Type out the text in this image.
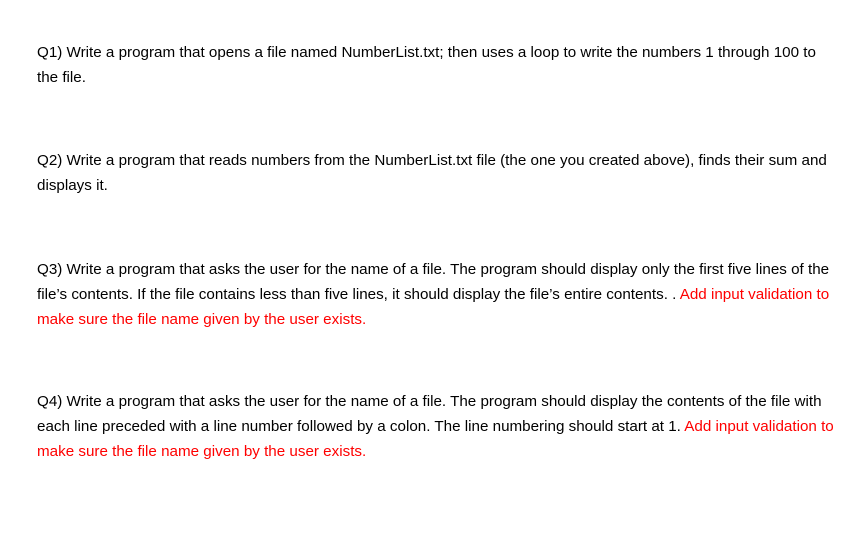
Q1) Write a program that opens a file named NumberList.txt; then uses a loop to write the numbers 1 through 100 to the file.

Q2) Write a program that reads numbers from the NumberList.txt file (the one you created above), finds their sum and displays it.

Q3) Write a program that asks the user for the name of a file. The program should display only the first five lines of the file’s contents. If the file contains less than five lines, it should display the file’s entire contents. . Add input validation to make sure the file name given by the user exists.

Q4) Write a program that asks the user for the name of a file. The program should display the contents of the file with each line preceded with a line number followed by a colon. The line numbering should start at 1. Add input validation to make sure the file name given by the user exists.
